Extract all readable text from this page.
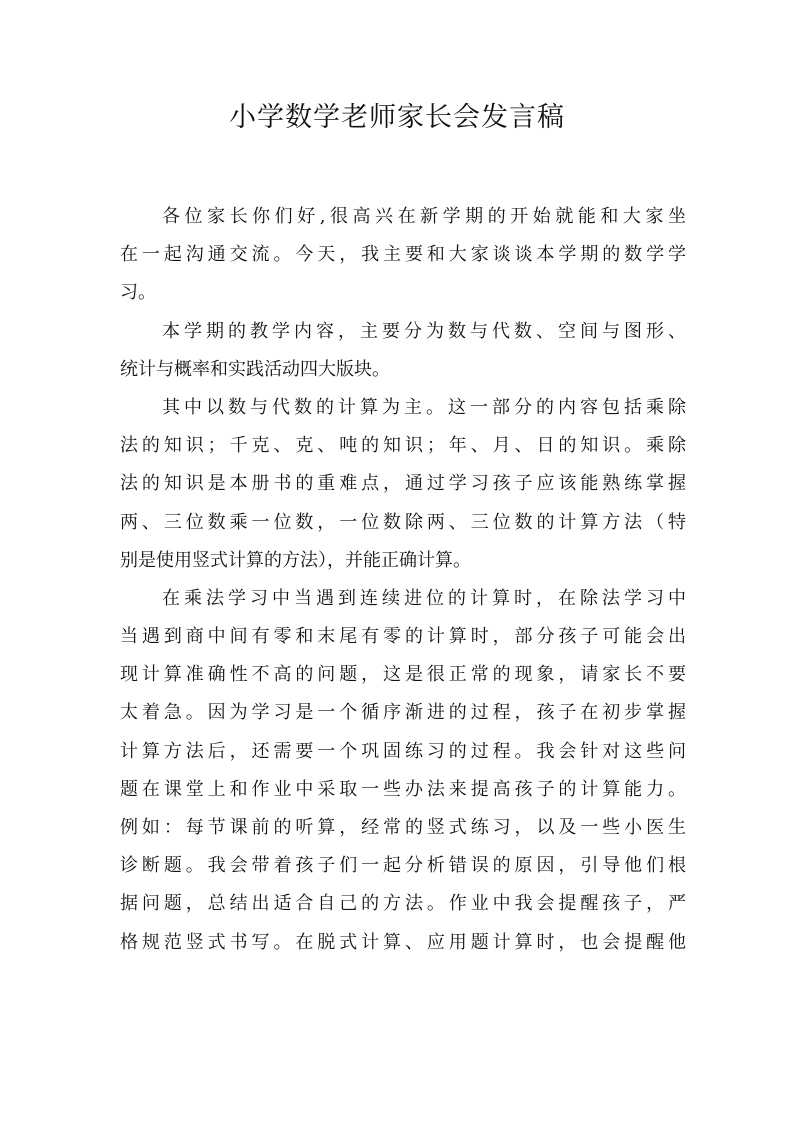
小学数学老师家长会发言稿
各位家长你们好,很高兴在新学期的开始就能和大家坐
在一起沟通交流。今天，我主要和大家谈谈本学期的数学学
习。
本学期的教学内容，主要分为数与代数、空间与图形、
统计与概率和实践活动四大版块。
其中以数与代数的计算为主。这一部分的内容包括乘除
法的知识；千克、克、吨的知识；年、月、日的知识。乘除
法的知识是本册书的重难点，通过学习孩子应该能熟练掌握
两、三位数乘一位数，一位数除两、三位数的计算方法（特
别是使用竖式计算的方法），并能正确计算。
在乘法学习中当遇到连续进位的计算时，在除法学习中
当遇到商中间有零和末尾有零的计算时，部分孩子可能会出
现计算准确性不高的问题，这是很正常的现象，请家长不要
太着急。因为学习是一个循序渐进的过程，孩子在初步掌握
计算方法后，还需要一个巩固练习的过程。我会针对这些问
题在课堂上和作业中采取一些办法来提高孩子的计算能力。
例如：每节课前的听算，经常的竖式练习，以及一些小医生
诊断题。我会带着孩子们一起分析错误的原因，引导他们根
据问题，总结出适合自己的方法。作业中我会提醒孩子，严
格规范竖式书写。在脱式计算、应用题计算时，也会提醒他
